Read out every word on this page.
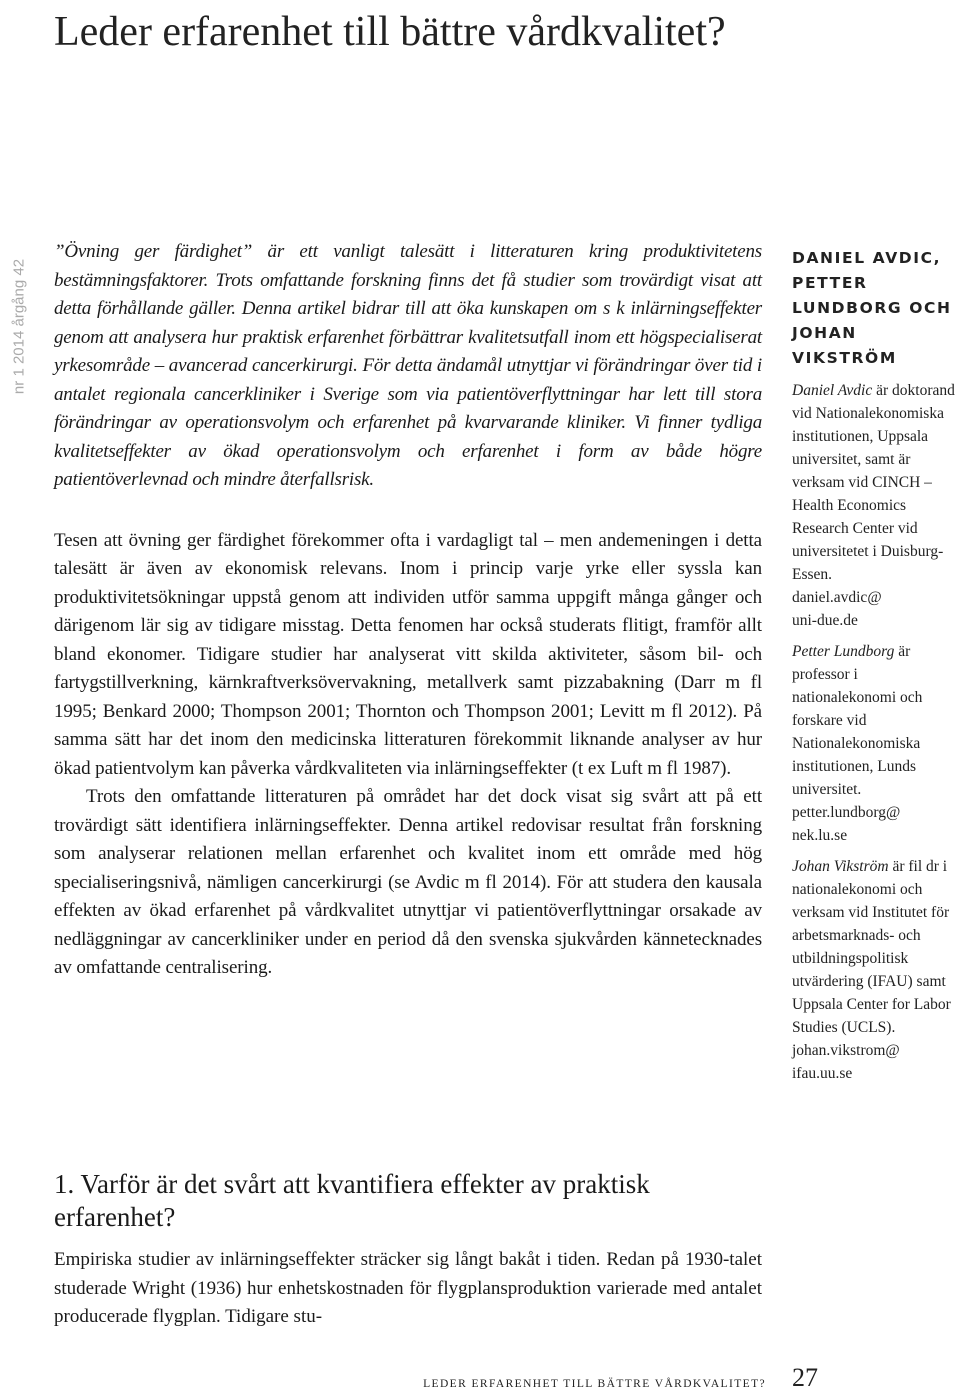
Leder erfarenhet till bättre vårdkvalitet?
nr 1 2014 årgång 42

”Övning ger färdighet” är ett vanligt talesätt i litteraturen kring produktivitetens bestämningsfaktorer. Trots omfattande forskning finns det få studier som trovärdigt visat att detta förhållande gäller. Denna artikel bidrar till att öka kunskapen om s k inlärningseffekter genom att analysera hur praktisk erfarenhet förbättrar kvalitetsutfall inom ett högspecialiserat yrkesområde – avancerad cancerkirurgi. För detta ändamål utnyttjar vi förändringar över tid i antalet regionala cancerkliniker i Sverige som via patientöverflyttningar har lett till stora förändringar av operationsvolym och erfarenhet på kvarvarande kliniker. Vi finner tydliga kvalitetseffekter av ökad operationsvolym och erfarenhet i form av både högre patientöverlevnad och mindre återfallsrisk.

Tesen att övning ger färdighet förekommer ofta i vardagligt tal – men andemeningen i detta talesätt är även av ekonomisk relevans. Inom i princip varje yrke eller syssla kan produktivitetsökningar uppstå genom att individen utför samma uppgift många gånger och därigenom lär sig av tidigare misstag. Detta fenomen har också studerats flitigt, framför allt bland ekonomer. Tidigare studier har analyserat vitt skilda aktiviteter, såsom bil- och fartygstillverkning, kärnkraftverksövervakning, metallverk samt pizzabakning (Darr m fl 1995; Benkard 2000; Thompson 2001; Thornton och Thompson 2001; Levitt m fl 2012). På samma sätt har det inom den medicinska litteraturen förekommit liknande analyser av hur ökad patientvolym kan påverka vårdkvaliteten via inlärningseffekter (t ex Luft m fl 1987).

Trots den omfattande litteraturen på området har det dock visat sig svårt att på ett trovärdigt sätt identifiera inlärningseffekter. Denna artikel redovisar resultat från forskning som analyserar relationen mellan erfarenhet och kvalitet inom ett område med hög specialiseringsnivå, nämligen cancerkirurgi (se Avdic m fl 2014). För att studera den kausala effekten av ökad erfarenhet på vårdkvalitet utnyttjar vi patientöverflyttningar orsakade av nedläggningar av cancerkliniker under en period då den svenska sjukvården kännetecknades av omfattande centralisering.

1. Varför är det svårt att kvantifiera effekter av praktisk erfarenhet?

Empiriska studier av inlärningseffekter sträcker sig långt bakåt i tiden. Redan på 1930-talet studerade Wright (1936) hur enhetskostnaden för flygplansproduktion varierade med antalet producerade flygplan. Tidigare stu-

DANIEL AVDIC, PETTER LUNDBORG OCH JOHAN VIKSTRÖM

Daniel Avdic är doktorand vid Nationalekonomiska institutionen, Uppsala universitet, samt är verksam vid CINCH – Health Economics Research Center vid universitetet i Duisburg-Essen.
daniel.avdic@
uni-due.de

Petter Lundborg är professor i nationalekonomi och forskare vid Nationalekonomiska institutionen, Lunds universitet.
petter.lundborg@
nek.lu.se

Johan Vikström är fil dr i nationalekonomi och verksam vid Institutet för arbetsmarknads- och utbildningspolitisk utvärdering (IFAU) samt Uppsala Center for Labor Studies (UCLS).
johan.vikstrom@
ifau.uu.se

LEDER ERFARENHET TILL BÄTTRE VÅRDKVALITET? 27
